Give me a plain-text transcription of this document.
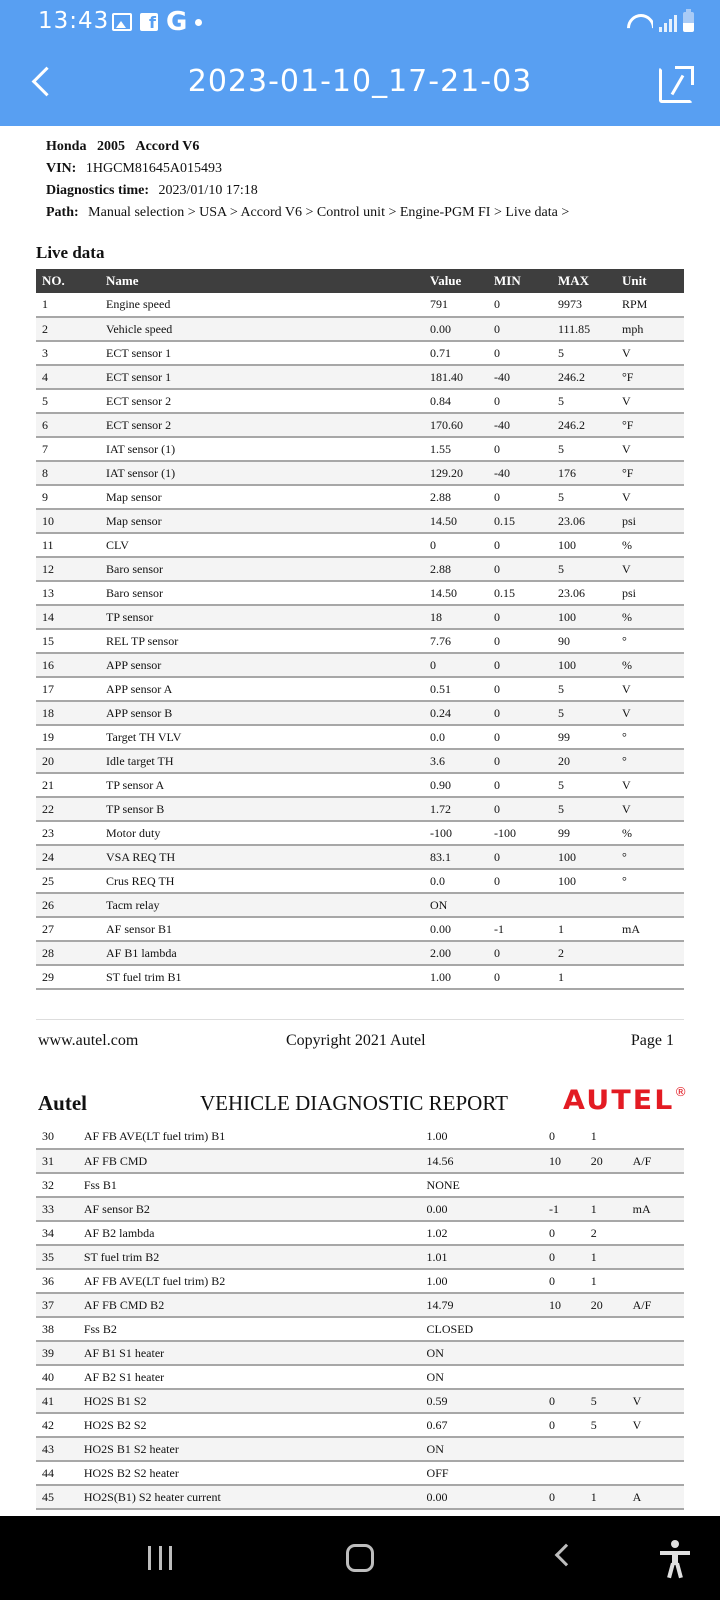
13:43	f G
2023-01-10_17-21-03
Honda 2005 Accord V6
VIN: 1HGCM81645A015493
Diagnostics time: 2023/01/10 17:18
Path: Manual selection > USA > Accord V6 > Control unit > Engine-PGM FI > Live data >
Live data
NO.	Name	Value	MIN	MAX	Unit
1	Engine speed	791	0	9973	RPM
2	Vehicle speed	0.00	0	111.85	mph
3	ECT sensor 1	0.71	0	5	V
4	ECT sensor 1	181.40	-40	246.2	°F
5	ECT sensor 2	0.84	0	5	V
6	ECT sensor 2	170.60	-40	246.2	°F
7	IAT sensor (1)	1.55	0	5	V
8	IAT sensor (1)	129.20	-40	176	°F
9	Map sensor	2.88	0	5	V
10	Map sensor	14.50	0.15	23.06	psi
11	CLV	0	0	100	%
12	Baro sensor	2.88	0	5	V
13	Baro sensor	14.50	0.15	23.06	psi
14	TP sensor	18	0	100	%
15	REL TP sensor	7.76	0	90	°
16	APP sensor	0	0	100	%
17	APP sensor A	0.51	0	5	V
18	APP sensor B	0.24	0	5	V
19	Target TH VLV	0.0	0	99	°
20	Idle target TH	3.6	0	20	°
21	TP sensor A	0.90	0	5	V
22	TP sensor B	1.72	0	5	V
23	Motor duty	-100	-100	99	%
24	VSA REQ TH	83.1	0	100	°
25	Crus REQ TH	0.0	0	100	°
26	Tacm relay	ON			
27	AF sensor B1	0.00	-1	1	mA
28	AF B1 lambda	2.00	0	2	
29	ST fuel trim B1	1.00	0	1	
www.autel.com	Copyright 2021 Autel	Page 1
Autel	VEHICLE DIAGNOSTIC REPORT AUTEL®
30	AF FB AVE(LT fuel trim) B1	1.00	0	1	
31	AF FB CMD	14.56	10	20	A/F
32	Fss B1	NONE			
33	AF sensor B2	0.00	-1	1	mA
34	AF B2 lambda	1.02	0	2	
35	ST fuel trim B2	1.01	0	1	
36	AF FB AVE(LT fuel trim) B2	1.00	0	1	
37	AF FB CMD B2	14.79	10	20	A/F
38	Fss B2	CLOSED			
39	AF B1 S1 heater	ON			
40	AF B2 S1 heater	ON			
41	HO2S B1 S2	0.59	0	5	V
42	HO2S B2 S2	0.67	0	5	V
43	HO2S B1 S2 heater	ON			
44	HO2S B2 S2 heater	OFF			
45	HO2S(B1) S2 heater current	0.00	0	1	A
